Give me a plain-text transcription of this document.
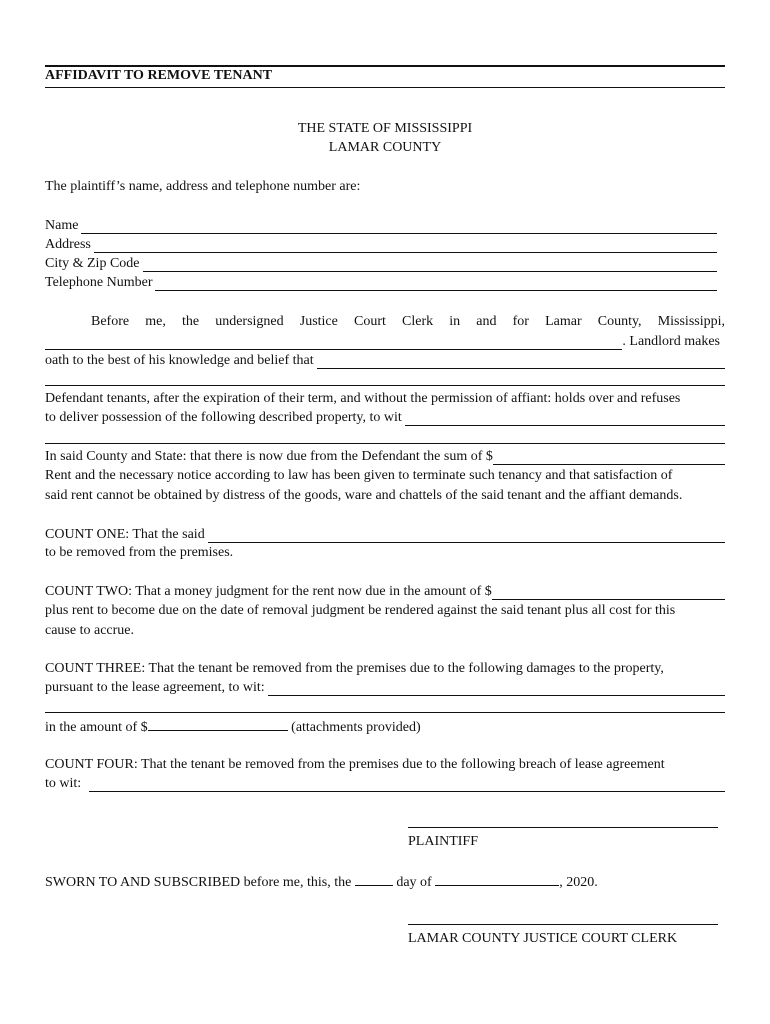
AFFIDAVIT TO REMOVE TENANT
THE STATE OF MISSISSIPPI
LAMAR COUNTY
The plaintiff’s name, address and telephone number are:
Name
Address
City & Zip Code
Telephone Number
Before me, the undersigned Justice Court Clerk in and for Lamar County, Mississippi,
. Landlord makes
oath to the best of his knowledge and belief that
Defendant tenants, after the expiration of their term, and without the permission of affiant: holds over and refuses
to deliver possession of the following described property, to wit
In said County and State: that there is now due from the Defendant the sum of $
Rent and the necessary notice according to law has been given to terminate such tenancy and that satisfaction of
said rent cannot be obtained by distress of the goods, ware and chattels of the said tenant and the affiant demands.
COUNT ONE: That the said
to be removed from the premises.
COUNT TWO: That a money judgment for the rent now due in the amount of $
plus rent to become due on the date of removal judgment be rendered against the said tenant plus all cost for this
cause to accrue.
COUNT THREE: That the tenant be removed from the premises due to the following damages to the property,
pursuant to the lease agreement, to wit:
in the amount of $	(attachments provided)
COUNT FOUR: That the tenant be removed from the premises due to the following breach of lease agreement
to wit:
PLAINTIFF
SWORN TO AND SUBSCRIBED before me, this, the	day of	, 2020.
LAMAR COUNTY JUSTICE COURT CLERK
